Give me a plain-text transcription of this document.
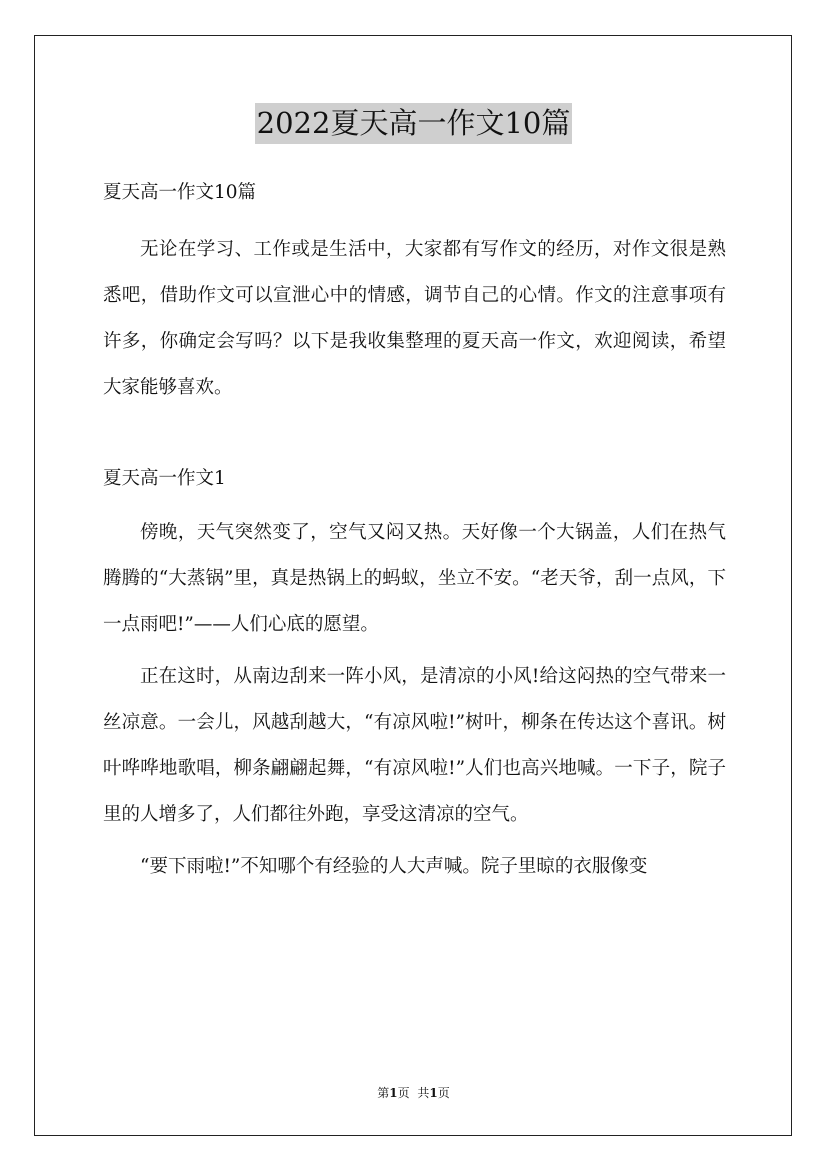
2022夏天高一作文10篇

夏天高一作文10篇

无论在学习、工作或是生活中，大家都有写作文的经历，对作文很是熟悉吧，借助作文可以宣泄心中的情感，调节自己的心情。作文的注意事项有许多，你确定会写吗？以下是我收集整理的夏天高一作文，欢迎阅读，希望大家能够喜欢。

夏天高一作文1

傍晚，天气突然变了，空气又闷又热。天好像一个大锅盖，人们在热气腾腾的“大蒸锅”里，真是热锅上的蚂蚁，坐立不安。“老天爷，刮一点风，下一点雨吧!”——人们心底的愿望。

正在这时，从南边刮来一阵小风，是清凉的小风!给这闷热的空气带来一丝凉意。一会儿，风越刮越大，“有凉风啦!”树叶，柳条在传达这个喜讯。树叶哗哗地歌唱，柳条翩翩起舞，“有凉风啦!”人们也高兴地喊。一下子，院子里的人增多了，人们都往外跑，享受这清凉的空气。

“要下雨啦!”不知哪个有经验的人大声喊。院子里晾的衣服像变

第1页 共1页
